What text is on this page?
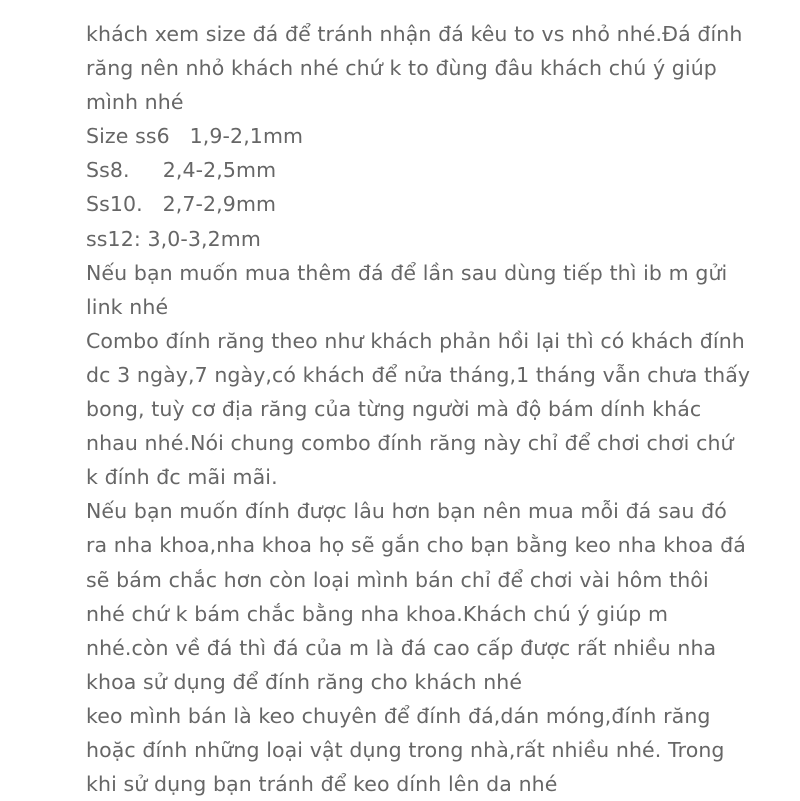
khách xem size đá để tránh nhận đá kêu to vs nhỏ nhé.Đá đính
răng nên nhỏ khách nhé chứ k to đùng đâu khách chú ý giúp
mình nhé
Size ss6   1,9-2,1mm
Ss8.     2,4-2,5mm
Ss10.   2,7-2,9mm
ss12: 3,0-3,2mm
Nếu bạn muốn mua thêm đá để lần sau dùng tiếp thì ib m gửi
link nhé
Combo đính răng theo như khách phản hồi lại thì có khách đính
dc 3 ngày,7 ngày,có khách để nửa tháng,1 tháng vẫn chưa thấy
bong, tuỳ cơ địa răng của từng người mà độ bám dính khác
nhau nhé.Nói chung combo đính răng này chỉ để chơi chơi chứ
k đính đc mãi mãi.
Nếu bạn muốn đính được lâu hơn bạn nên mua mỗi đá sau đó
ra nha khoa,nha khoa họ sẽ gắn cho bạn bằng keo nha khoa đá
sẽ bám chắc hơn còn loại mình bán chỉ để chơi vài hôm thôi
nhé chứ k bám chắc bằng nha khoa.Khách chú ý giúp m
nhé.còn về đá thì đá của m là đá cao cấp được rất nhiều nha
khoa sử dụng để đính răng cho khách nhé
keo mình bán là keo chuyên để đính đá,dán móng,đính răng
hoặc đính những loại vật dụng trong nhà,rất nhiều nhé. Trong
khi sử dụng bạn tránh để keo dính lên da nhé
